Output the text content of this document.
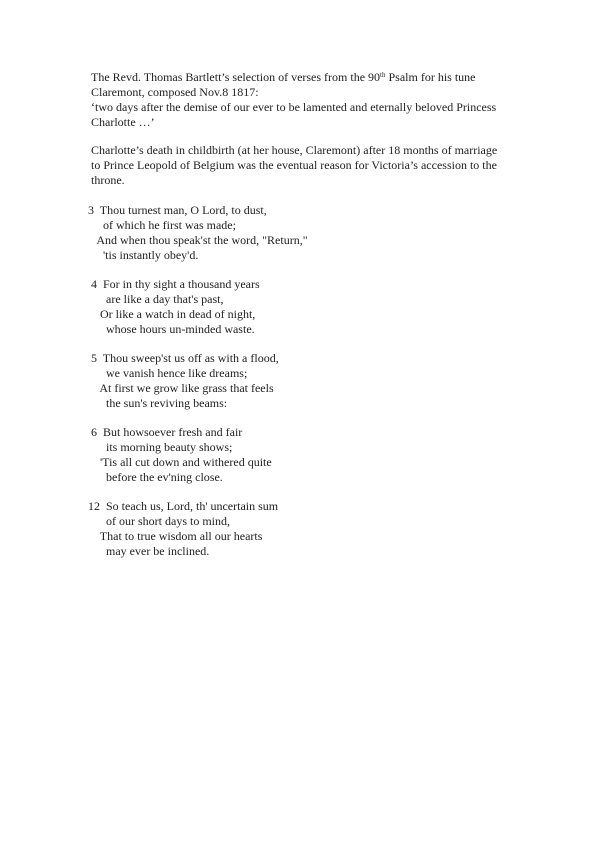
The Revd. Thomas Bartlett’s selection of verses from the 90th Psalm for his tune
Claremont, composed Nov.8 1817:
‘two days after the demise of our ever to be lamented and eternally beloved Princess
Charlotte …’
Charlotte’s death in childbirth (at her house, Claremont) after 18 months of marriage
to Prince Leopold of Belgium was the eventual reason for Victoria’s accession to the
throne.
3  Thou turnest man, O Lord, to dust,
of which he first was made;
And when thou speak'st the word, "Return,"
'tis instantly obey'd.
4  For in thy sight a thousand years
are like a day that's past,
Or like a watch in dead of night,
whose hours un-minded waste.
5  Thou sweep'st us off as with a flood,
we vanish hence like dreams;
At first we grow like grass that feels
the sun's reviving beams:
6  But howsoever fresh and fair
its morning beauty shows;
'Tis all cut down and withered quite
before the ev'ning close.
12  So teach us, Lord, th' uncertain sum
of our short days to mind,
That to true wisdom all our hearts
may ever be inclined.
